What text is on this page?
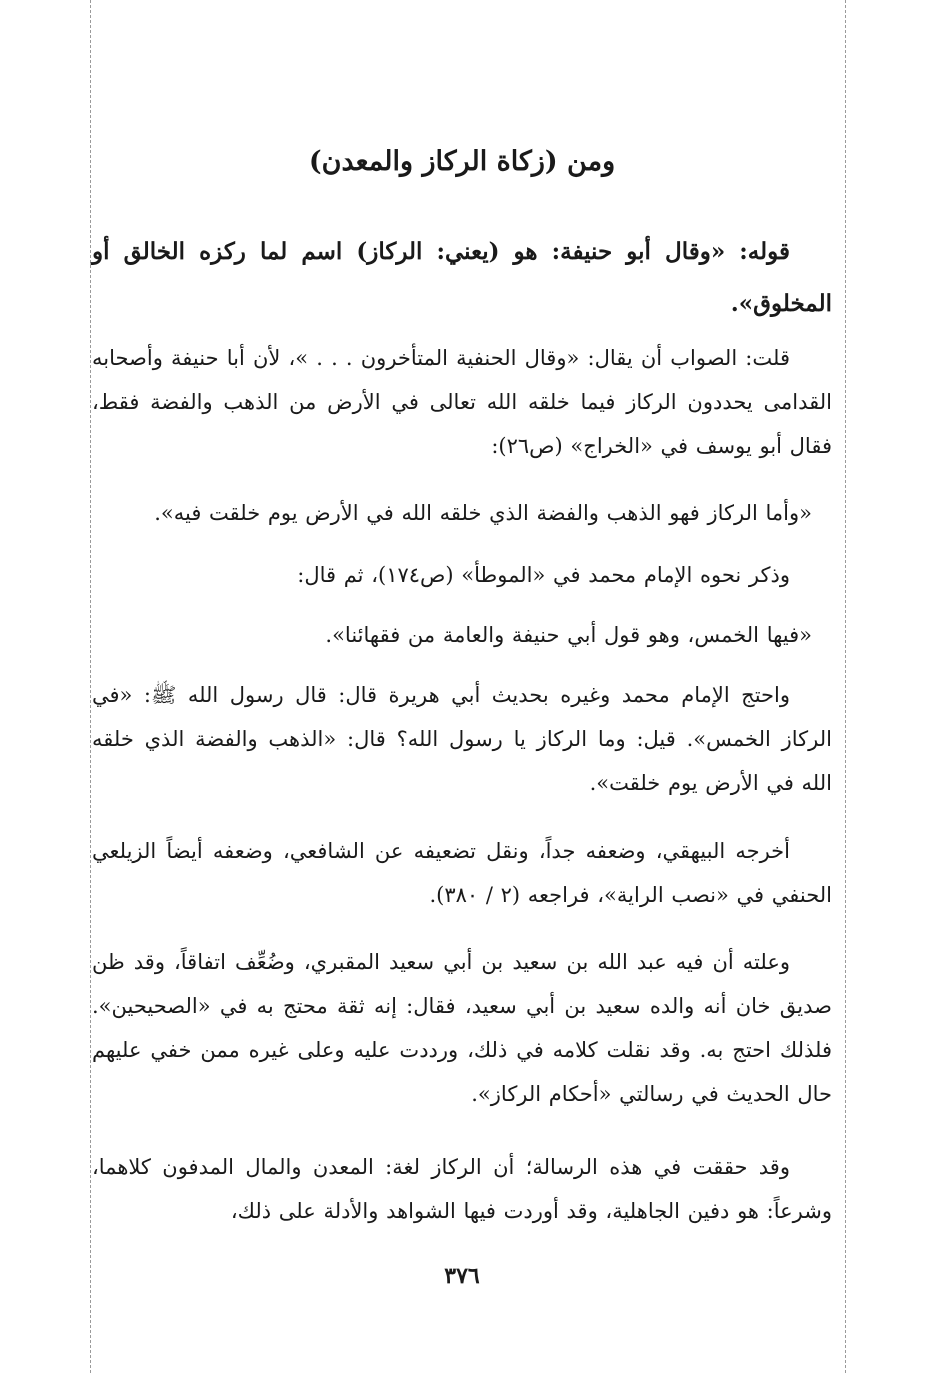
ومن (زكاة الركاز والمعدن)

قوله: «وقال أبو حنيفة: هو (يعني: الركاز) اسم لما ركزه الخالق أو المخلوق».

قلت: الصواب أن يقال: «وقال الحنفية المتأخرون . . . »، لأن أبا حنيفة وأصحابه القدامى يحددون الركاز فيما خلقه الله تعالى في الأرض من الذهب والفضة فقط، فقال أبو يوسف في «الخراج» (ص٢٦):

«وأما الركاز فهو الذهب والفضة الذي خلقه الله في الأرض يوم خلقت فيه».

وذكر نحوه الإمام محمد في «الموطأ» (ص١٧٤)، ثم قال:

«فيها الخمس، وهو قول أبي حنيفة والعامة من فقهائنا».

واحتج الإمام محمد وغيره بحديث أبي هريرة قال: قال رسول الله ﷺ: «في الركاز الخمس». قيل: وما الركاز يا رسول الله؟ قال: «الذهب والفضة الذي خلقه الله في الأرض يوم خلقت».

أخرجه البيهقي، وضعفه جداً، ونقل تضعيفه عن الشافعي، وضعفه أيضاً الزيلعي الحنفي في «نصب الراية»، فراجعه (٢ / ٣٨٠).

وعلته أن فيه عبد الله بن سعيد بن أبي سعيد المقبري، وضُعِّف اتفاقاً، وقد ظن صديق خان أنه والده سعيد بن أبي سعيد، فقال: إنه ثقة محتج به في «الصحيحين». فلذلك احتج به. وقد نقلت كلامه في ذلك، ورددت عليه وعلى غيره ممن خفي عليهم حال الحديث في رسالتي «أحكام الركاز».

وقد حققت في هذه الرسالة؛ أن الركاز لغة: المعدن والمال المدفون كلاهما، وشرعاً: هو دفين الجاهلية، وقد أوردت فيها الشواهد والأدلة على ذلك،

٣٧٦
